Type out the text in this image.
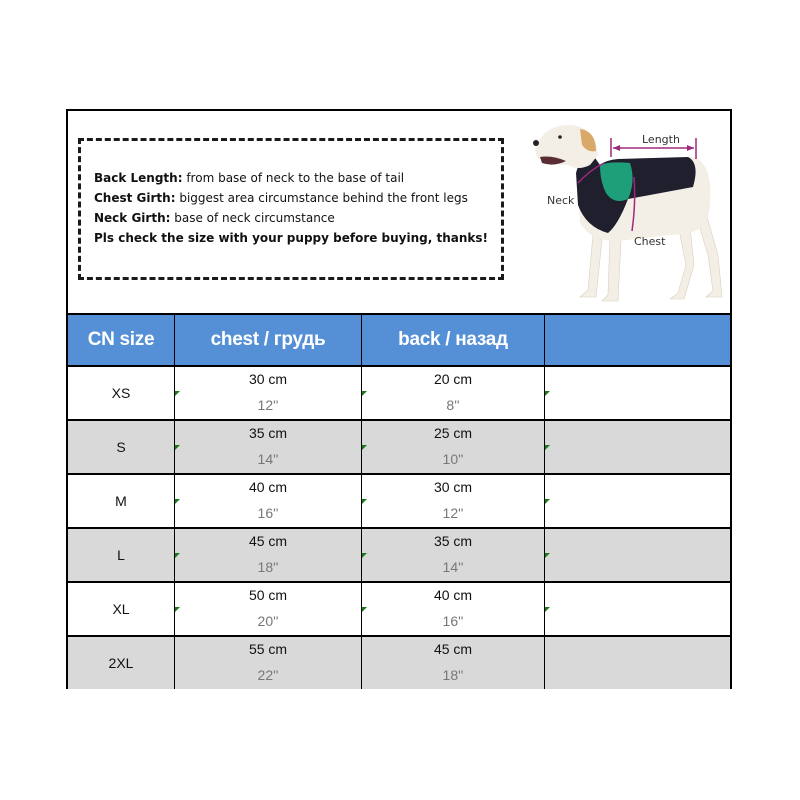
Back Length: from base of neck to the base of tail
Chest Girth: biggest area circumstance behind the front legs
Neck Girth: base of neck circumstance
Pls check the size with your puppy before buying, thanks!
Length
Neck
Chest
CN size	chest / грудь	back / назад
XS
30 cm
12''
20 cm
8''
S
35 cm
14''
25 cm
10''
M
40 cm
16''
30 cm
12''
L
45 cm
18''
35 cm
14''
XL
50 cm
20''
40 cm
16''
2XL
55 cm
22''
45 cm
18''
